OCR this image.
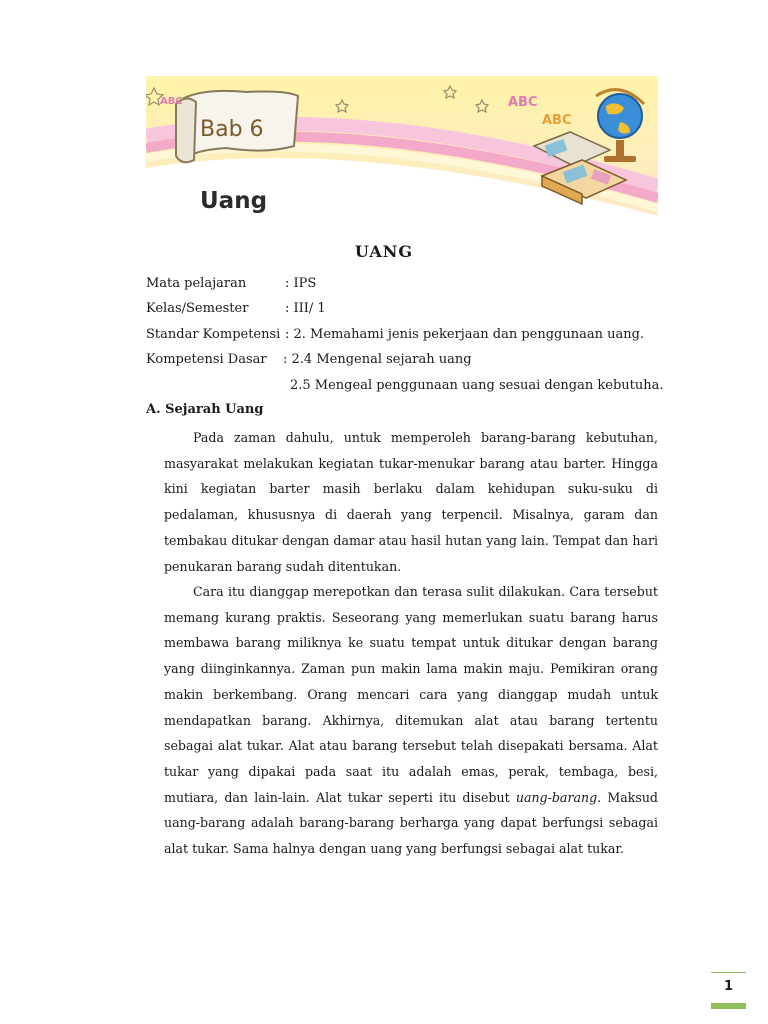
ABC	ABC
ABC
Bab 6
Uang
UANG
Mata pelajaran	: IPS
Kelas/Semester	: III/ 1
Standar Kompetensi : 2. Memahami jenis pekerjaan dan penggunaan uang.
Kompetensi Dasar : 2.4 Mengenal sejarah uang
2.5 Mengeal penggunaan uang sesuai dengan kebutuha.
A. Sejarah Uang

Pada zaman dahulu, untuk memperoleh barang-barang kebutuhan, masyarakat melakukan kegiatan tukar-menukar barang atau barter. Hingga kini kegiatan barter masih berlaku dalam kehidupan suku-suku di pedalaman, khususnya di daerah yang terpencil. Misalnya, garam dan tembakau ditukar dengan damar atau hasil hutan yang lain. Tempat dan hari penukaran barang sudah ditentukan.

Cara itu dianggap merepotkan dan terasa sulit dilakukan. Cara tersebut memang kurang praktis. Seseorang yang memerlukan suatu barang harus membawa barang miliknya ke suatu tempat untuk ditukar dengan barang yang diinginkannya. Zaman pun makin lama makin maju. Pemikiran orang makin berkembang. Orang mencari cara yang dianggap mudah untuk mendapatkan barang. Akhirnya, ditemukan alat atau barang tertentu sebagai alat tukar. Alat atau barang tersebut telah disepakati bersama. Alat tukar yang dipakai pada saat itu adalah emas, perak, tembaga, besi, mutiara, dan lain-lain. Alat tukar seperti itu disebut uang-barang. Maksud uang-barang adalah barang-barang berharga yang dapat berfungsi sebagai alat tukar. Sama halnya dengan uang yang berfungsi sebagai alat tukar.

1
